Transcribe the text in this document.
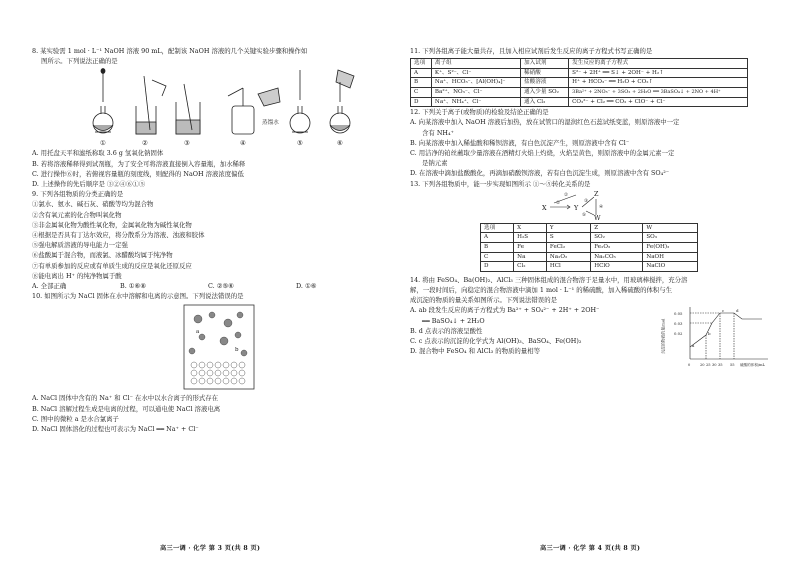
8. 某实验需 1 mol · L⁻¹ NaOH 溶液 90 mL，配制该 NaOH 溶液的几个关键实验步骤和操作如

图所示。下列说法正确的是

蒸馏水
①	②	③	④	⑤	⑥

A. 用托盘天平和滤纸称取 3.6 g 氢氧化钠固体

B. 若将溶液稀释得到试剂瓶，为了安全可将溶液直接倒入容量瓶，加水稀释

C. 进行操作⑥时，若俯视容量瓶的刻度线，则配得的 NaOH 溶液浓度偏低

D. 上述操作的先后顺序是 ③②④⑥①⑤

9. 下列各组物质的分类正确的是

①氯水、氨水、碱石灰、硝酸等均为混合物

②含有氧元素的化合物叫氧化物

③非金属氧化物为酸性氧化物，金属氧化物为碱性氧化物

④根据是否具有丁达尔效应，将分散系分为溶液、浊液和胶体

⑤强电解质溶液的导电能力一定强

⑥盐酸属于混合物，而液氯、冰醋酸均属于纯净物

⑦有单质参加的反应或有单质生成的反应是氧化还原反应

⑧能电离出 H⁺ 的纯净物属于酸

A. 全部正确	B. ①⑥⑧	C. ②⑤⑥	D. ①⑥

10. 如图所示为 NaCl 固体在水中溶解和电离的示意图。下列说法错误的是

a
b

A. NaCl 固体中含有的 Na⁺ 和 Cl⁻ 在水中以水合离子的形式存在

B. NaCl 溶解过程生成是电离的过程，可以通电使 NaCl 溶液电离

C. 图中的微粒 a 是水合氯离子

D. NaCl 固体溶化的过程也可表示为 NaCl ══ Na⁺ + Cl⁻

高三一调 · 化学 第 3 页(共 8 页)

11. 下列各组离子能大量共存，且加入相应试剂后发生反应的离子方程式书写正确的是

选项	离子组	加入试剂	发生反应的离子方程式
A	K⁺、S²⁻、Cl⁻	稀硝酸	S²⁻ + 2H⁺ ══ S↓ + 2OH⁻ + H₂↑
B	Na⁺、HCO₃⁻、[Al(OH)₄]⁻	盐酸溶液	H⁺ + HCO₃⁻ ══ H₂O + CO₂↑
C	Ba²⁺、NO₃⁻、Cl⁻	通入少量 SO₂	3Ba²⁺ + 2NO₃⁻ + 3SO₂ + 2H₂O ══ 3BaSO₄↓ + 2NO + 4H⁺
D	Na⁺、NH₄⁺、Cl⁻	通入 Cl₂	CO₃²⁻ + Cl₂ ══ CO₂ + ClO⁻ + Cl⁻

12. 下列关于离子(或物质)的检验及结论正确的是

A. 向某溶液中加入 NaOH 溶液后加热，放在试管口的湿润红色石蕊试纸变蓝，则原溶液中一定

含有 NH₄⁺

B. 向某溶液中加入稀盐酸和稀钡溶液，有白色沉淀产生，则原溶液中含有 Cl⁻

C. 用洁净的铂丝蘸取少量溶液在酒精灯火焰上灼烧，火焰呈黄色，则原溶液中的金属元素一定

是钠元素

D. 在溶液中滴加盐酸酸化，再滴加硝酸钡溶液，若有白色沉淀生成，则原溶液中含有 SO₄²⁻

13. 下列各组物质中，能一步实现如图所示 ①～⑤转化关系的是

X	Y
Z
W
①
②
③
④
⑤
选项	X	Y	Z	W
A	H₂S	S	SO₂	SO₃
B	Fe	FeCl₂	Fe₂O₃	Fe(OH)₃
C	Na	Na₂O₂	Na₂CO₃	NaOH
D	Cl₂	HCl	HClO	NaClO

14. 将由 FeSO₄、Ba(OH)₂、AlCl₃ 三种固体组成的混合物溶于足量水中，用玻璃棒搅拌，充分溶

解，一段时间后，向稳定的混合物溶液中滴加 1 mol · L⁻¹ 的稀硫酸，加入稀硫酸的体积与生

成沉淀的物质的量关系如图所示。下列说法错误的是

A. ab 段发生反应的离子方程式为 Ba²⁺ + SO₄²⁻ + 2H⁺ + 2OH⁻

══ BaSO₄↓ + 2H₂O

B. d 点表示的溶液呈酸性

C. c 点表示的沉淀的化学式为 Al(OH)₃、BaSO₄、Fe(OH)₂

D. 混合物中 FeSO₄ 和 AlCl₃ 的物质的量相等

0.05
0.03
0.02
a
b
c	d
0	20 25 30 35 55 硫酸的体积/mL
沉淀的物质的量/mol
高三一调 · 化学 第 4 页(共 8 页)
